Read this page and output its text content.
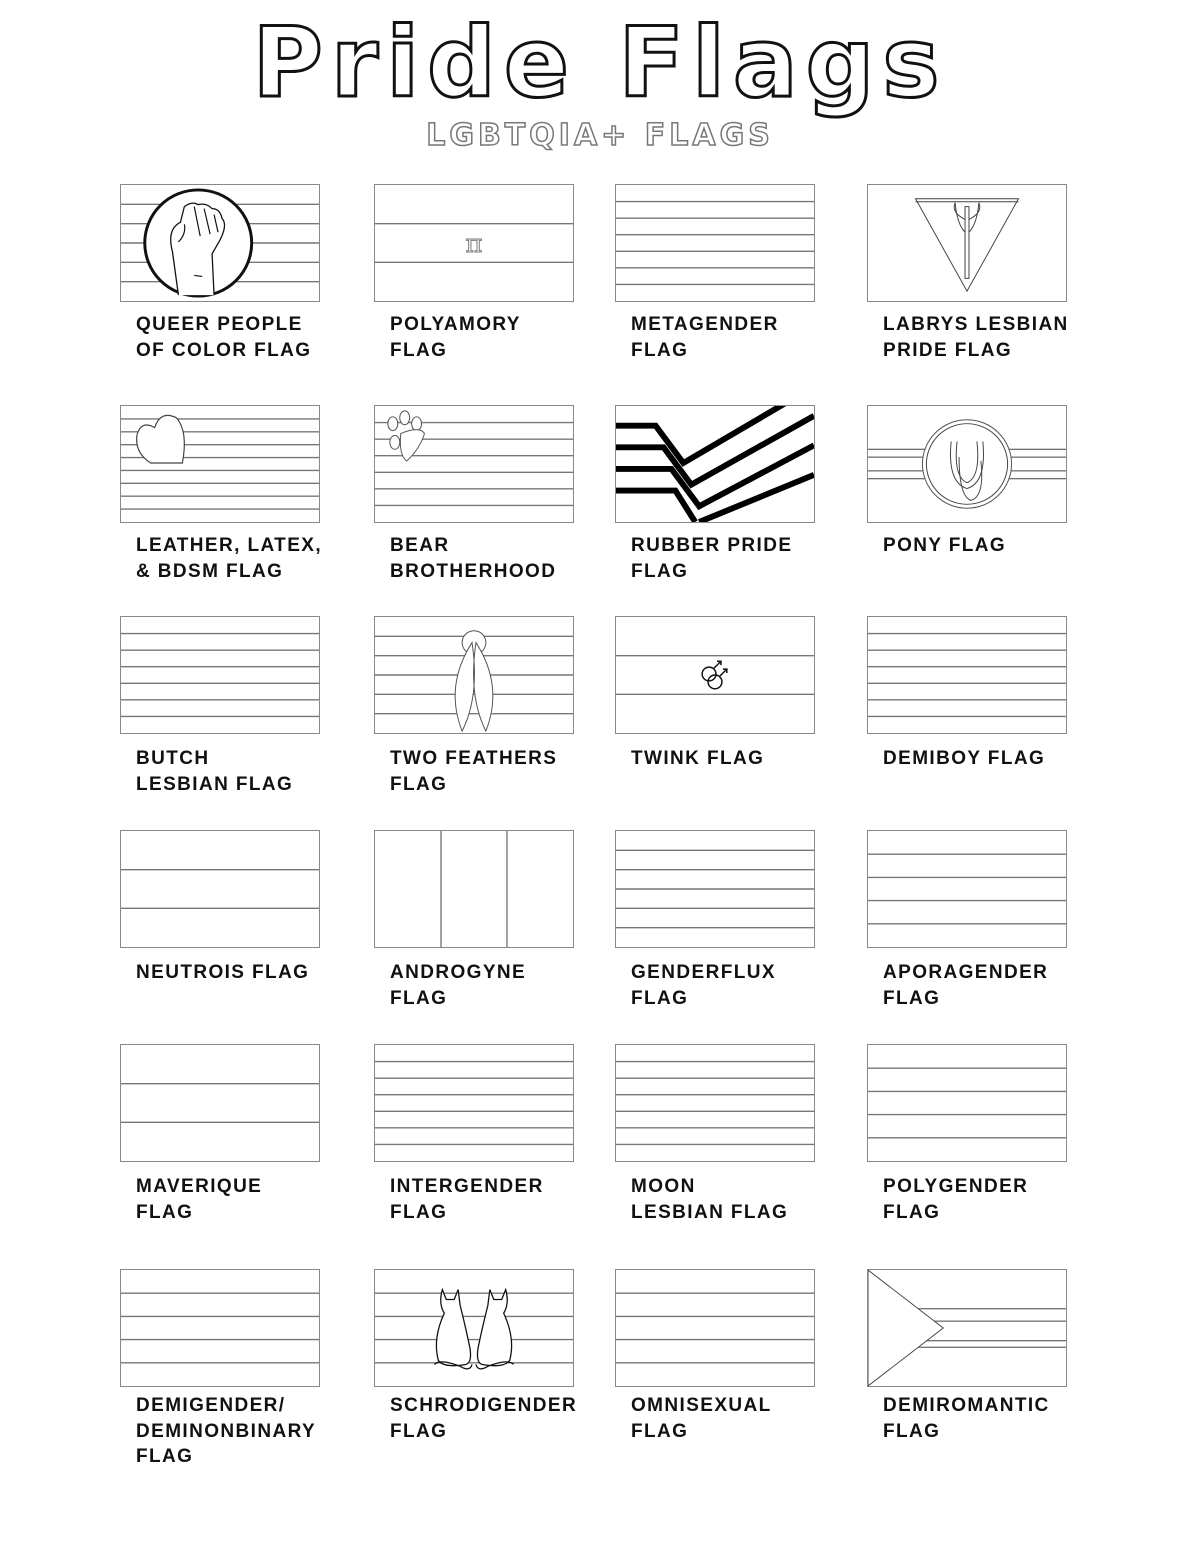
Pride Flags
LGBTQIA+ FLAGS
QUEER PEOPLE
OF COLOR FLAG
π
POLYAMORY
FLAG
METAGENDER
FLAG
LABRYS LESBIAN
PRIDE FLAG
LEATHER, LATEX,
& BDSM FLAG
BEAR
BROTHERHOOD
RUBBER PRIDE
FLAG
PONY FLAG
BUTCH
LESBIAN FLAG
TWO FEATHERS
FLAG
TWINK FLAG	DEMIBOY FLAG
NEUTROIS FLAG	ANDROGYNE
FLAG
GENDERFLUX
FLAG
APORAGENDER
FLAG
MAVERIQUE
FLAG
INTERGENDER
FLAG
MOON
LESBIAN FLAG
POLYGENDER
FLAG
DEMIGENDER/
DEMINONBINARY
FLAG
SCHRODIGENDER
FLAG
OMNISEXUAL
FLAG
DEMIROMANTIC
FLAG
